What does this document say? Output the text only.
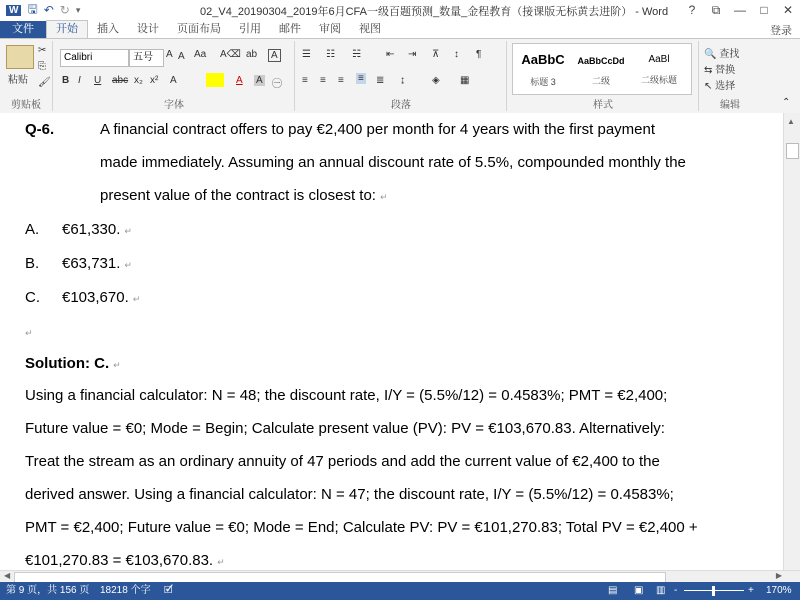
W 🖫 ↶ ↻ ▾	02_V4_20190304_2019年6月CFA一级百题预测_数量_金程教育（接课版无标黄去进阶） - Word	?	⧉	—	□	✕
文件	开始	插入	设计	页面布局	引用	邮件	审阅	视图	登录
粘贴
✂
⎘
🖌
剪贴板
Calibri	五号	A A Aa A⌫ ab	A
B I U abc x₂ x² A	A A ㊀
字体
☰ ☷ ☵	⇤ ⇥ ⊼ ↕ ¶
≡ ≡ ≡ ≡ ≣ ↨	◈ ▦
段落
AaBbC
标题 3
AaBbCcDd
二级
AaBl
二级标题
样式
🔍 查找
⇆ 替换
↖ 选择
编辑	⌃
Q-6.	A financial contract offers to pay €2,400 per month for 4 years with the first payment
made immediately. Assuming an annual discount rate of 5.5%, compounded monthly the
present value of the contract is closest to: ↵
A. €61,330. ↵
B. €63,731. ↵
C. €103,670. ↵
↵
Solution: C. ↵
Using a financial calculator: N = 48; the discount rate, I/Y = (5.5%/12) = 0.4583%; PMT = €2,400;
Future value = €0; Mode = Begin; Calculate present value (PV): PV = €103,670.83. Alternatively:
Treat the stream as an ordinary annuity of 47 periods and add the current value of €2,400 to the
derived answer. Using a financial calculator: N = 47; the discount rate, I/Y = (5.5%/12) = 0.4583%;
PMT = €2,400; Future value = €0; Mode = End; Calculate PV: PV = €101,270.83; Total PV = €2,400 +
€101,270.83 = €103,670.83. ↵
▲
◀	▶
第 9 页，共 156 页 18218 个字 🗹	▤ ▣ ▥ -	+ 170%
